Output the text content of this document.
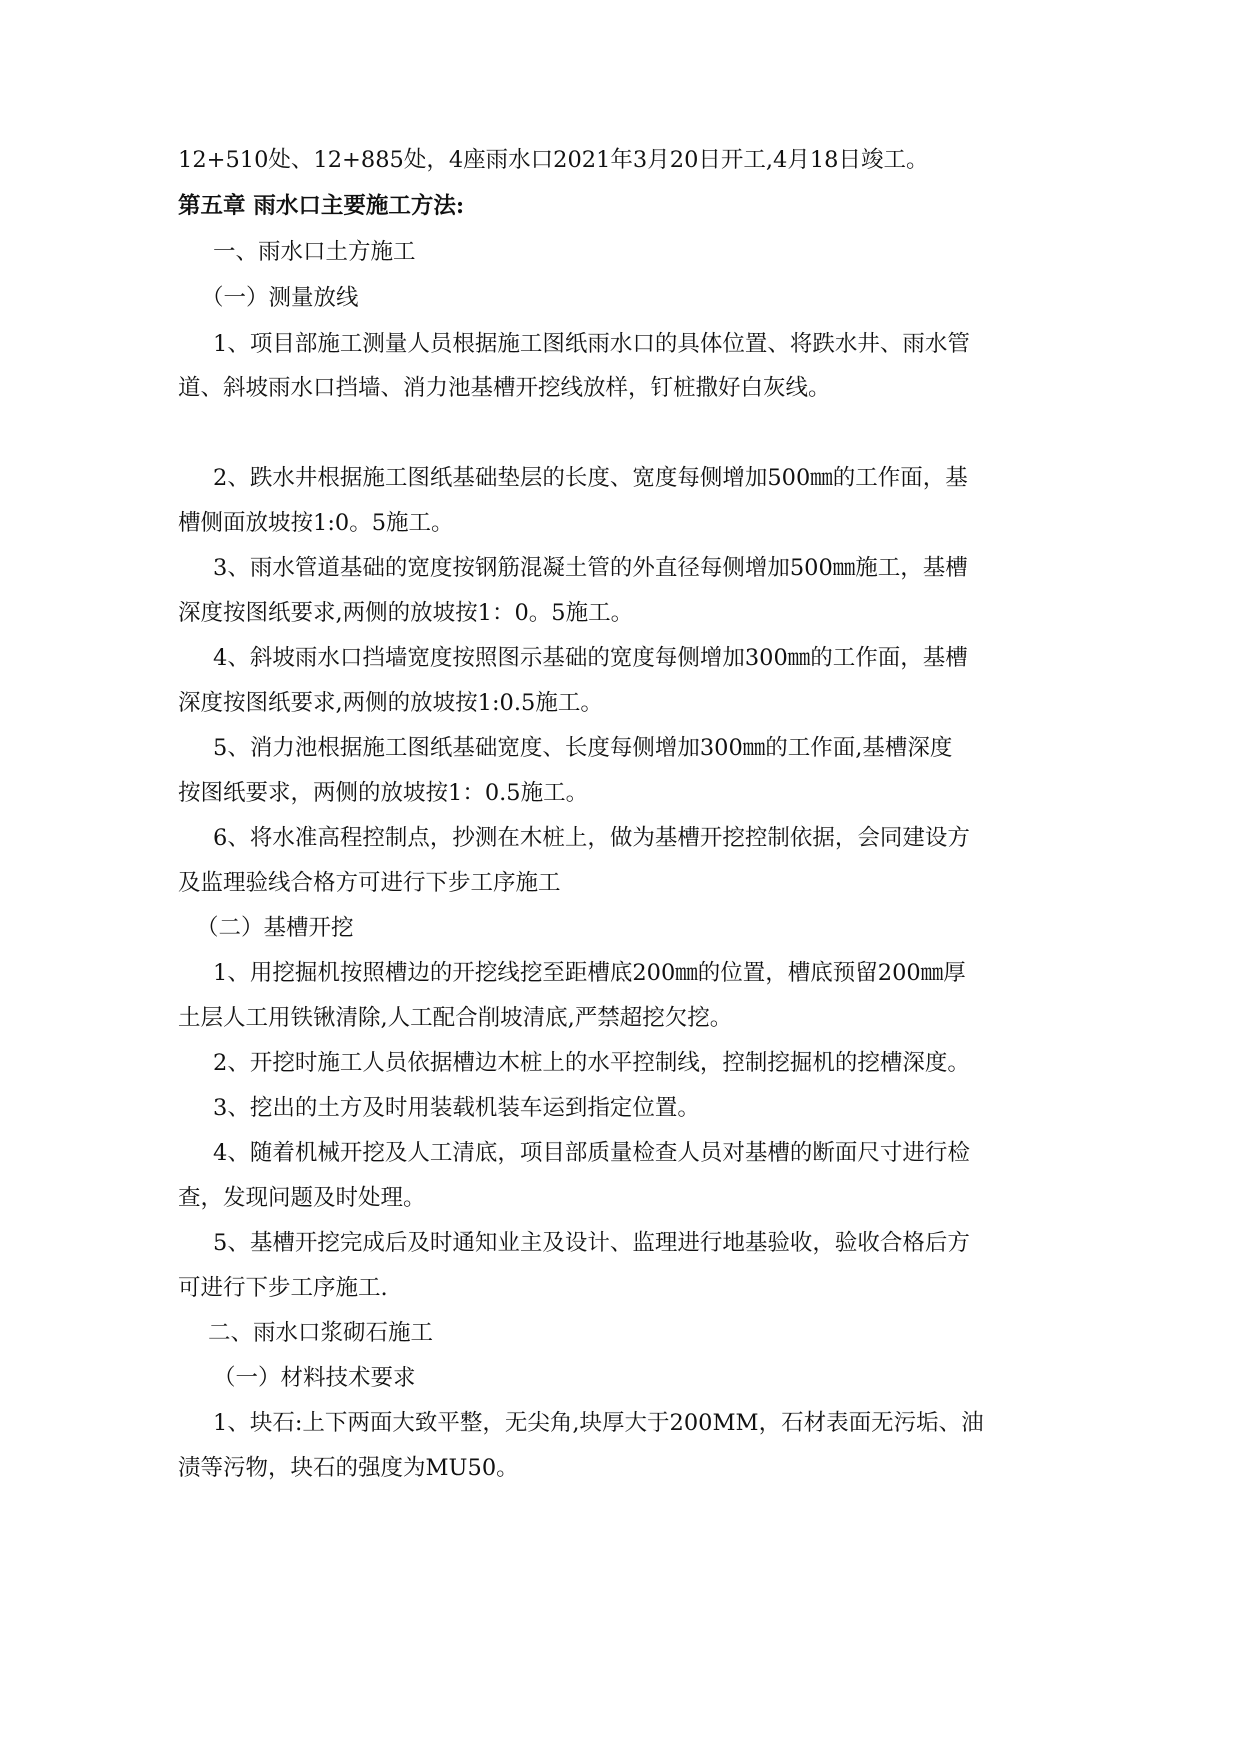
12+510处、12+885处，4座雨水口2021年3月20日开工,4月18日竣工。
第五章 雨水口主要施工方法:
一、雨水口土方施工
（一）测量放线
1、项目部施工测量人员根据施工图纸雨水口的具体位置、将跌水井、雨水管
道、斜坡雨水口挡墙、消力池基槽开挖线放样，钉桩撒好白灰线。
2、跌水井根据施工图纸基础垫层的长度、宽度每侧增加500㎜的工作面，基
槽侧面放坡按1:0。5施工。
3、雨水管道基础的宽度按钢筋混凝土管的外直径每侧增加500㎜施工，基槽
深度按图纸要求,两侧的放坡按1：0。5施工。
4、斜坡雨水口挡墙宽度按照图示基础的宽度每侧增加300㎜的工作面，基槽
深度按图纸要求,两侧的放坡按1:0.5施工。
5、消力池根据施工图纸基础宽度、长度每侧增加300㎜的工作面,基槽深度
按图纸要求，两侧的放坡按1：0.5施工。
6、将水准高程控制点，抄测在木桩上，做为基槽开挖控制依据，会同建设方
及监理验线合格方可进行下步工序施工
（二）基槽开挖
1、用挖掘机按照槽边的开挖线挖至距槽底200㎜的位置，槽底预留200㎜厚
土层人工用铁锹清除,人工配合削坡清底,严禁超挖欠挖。
2、开挖时施工人员依据槽边木桩上的水平控制线，控制挖掘机的挖槽深度。
3、挖出的土方及时用装载机装车运到指定位置。
4、随着机械开挖及人工清底，项目部质量检查人员对基槽的断面尺寸进行检
查，发现问题及时处理。
5、基槽开挖完成后及时通知业主及设计、监理进行地基验收，验收合格后方
可进行下步工序施工.
二、雨水口浆砌石施工
（一）材料技术要求
1、块石:上下两面大致平整，无尖角,块厚大于200MM，石材表面无污垢、油
渍等污物，块石的强度为MU50。
